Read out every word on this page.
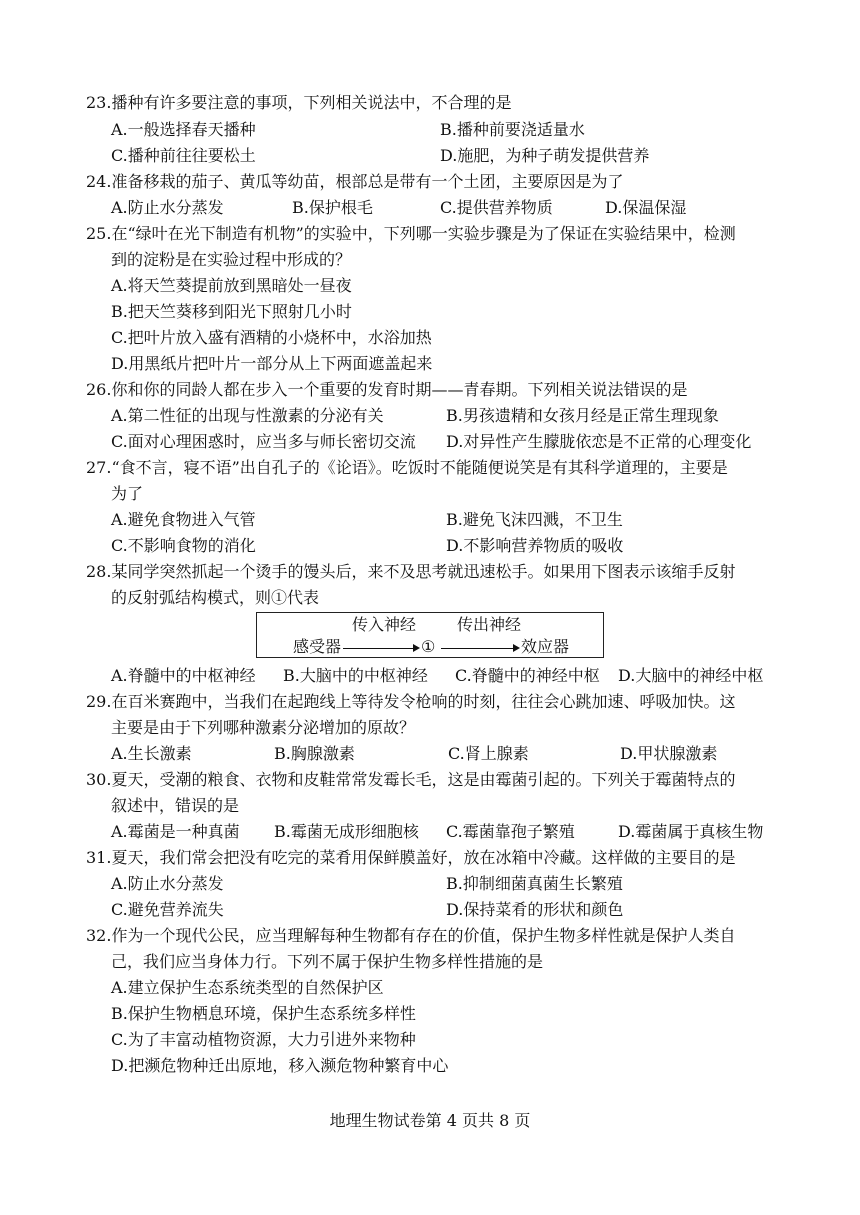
23.播种有许多要注意的事项，下列相关说法中，不合理的是
A.一般选择春天播种	B.播种前要浇适量水
C.播种前往往要松土	D.施肥，为种子萌发提供营养
24.准备移栽的茄子、黄瓜等幼苗，根部总是带有一个土团，主要原因是为了
A.防止水分蒸发	B.保护根毛	C.提供营养物质	D.保温保湿
25.在“绿叶在光下制造有机物”的实验中，下列哪一实验步骤是为了保证在实验结果中，检测
到的淀粉是在实验过程中形成的？
A.将天竺葵提前放到黑暗处一昼夜
B.把天竺葵移到阳光下照射几小时
C.把叶片放入盛有酒精的小烧杯中，水浴加热
D.用黑纸片把叶片一部分从上下两面遮盖起来
26.你和你的同龄人都在步入一个重要的发育时期——青春期。下列相关说法错误的是
A.第二性征的出现与性激素的分泌有关	B.男孩遗精和女孩月经是正常生理现象
C.面对心理困惑时，应当多与师长密切交流 D.对异性产生朦胧依恋是不正常的心理变化
27.“食不言，寝不语”出自孔子的《论语》。吃饭时不能随便说笑是有其科学道理的，主要是
为了
A.避免食物进入气管	B.避免飞沫四溅，不卫生
C.不影响食物的消化	D.不影响营养物质的吸收
28.某同学突然抓起一个烫手的馒头后，来不及思考就迅速松手。如果用下图表示该缩手反射
的反射弧结构模式，则①代表
传入神经	传出神经
感受器	①	效应器
A.脊髓中的中枢神经 B.大脑中的中枢神经 C.脊髓中的神经中枢 D.大脑中的神经中枢
29.在百米赛跑中，当我们在起跑线上等待发令枪响的时刻，往往会心跳加速、呼吸加快。这
主要是由于下列哪种激素分泌增加的原故？
A.生长激素	B.胸腺激素	C.肾上腺素	D.甲状腺激素
30.夏天，受潮的粮食、衣物和皮鞋常常发霉长毛，这是由霉菌引起的。下列关于霉菌特点的
叙述中，错误的是
A.霉菌是一种真菌 B.霉菌无成形细胞核 C.霉菌靠孢子繁殖	D.霉菌属于真核生物
31.夏天，我们常会把没有吃完的菜肴用保鲜膜盖好，放在冰箱中冷藏。这样做的主要目的是
A.防止水分蒸发	B.抑制细菌真菌生长繁殖
C.避免营养流失	D.保持菜肴的形状和颜色
32.作为一个现代公民，应当理解每种生物都有存在的价值，保护生物多样性就是保护人类自
己，我们应当身体力行。下列不属于保护生物多样性措施的是
A.建立保护生态系统类型的自然保护区
B.保护生物栖息环境，保护生态系统多样性
C.为了丰富动植物资源，大力引进外来物种
D.把濒危物种迁出原地，移入濒危物种繁育中心
地理生物试卷第 4 页共 8 页
